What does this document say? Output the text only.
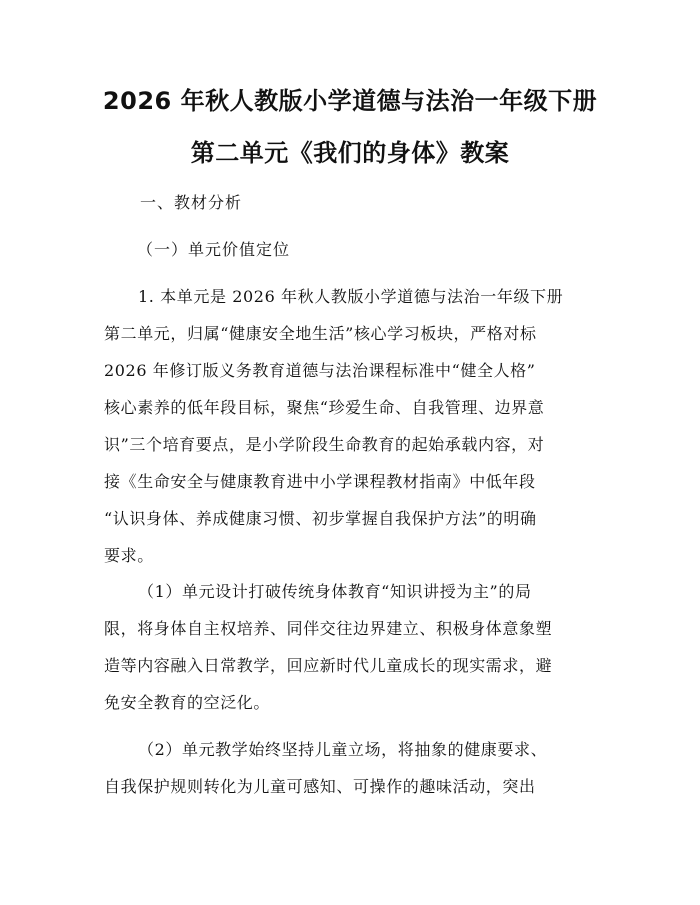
2026 年秋人教版小学道德与法治一年级下册
第二单元《我们的身体》教案
一、教材分析
（一）单元价值定位
1. 本单元是 2026 年秋人教版小学道德与法治一年级下册
第二单元，归属“健康安全地生活”核心学习板块，严格对标
2026 年修订版义务教育道德与法治课程标准中“健全人格”
核心素养的低年段目标，聚焦“珍爱生命、自我管理、边界意
识”三个培育要点，是小学阶段生命教育的起始承载内容，对
接《生命安全与健康教育进中小学课程教材指南》中低年段
“认识身体、养成健康习惯、初步掌握自我保护方法”的明确
要求。
（1）单元设计打破传统身体教育“知识讲授为主”的局
限，将身体自主权培养、同伴交往边界建立、积极身体意象塑
造等内容融入日常教学，回应新时代儿童成长的现实需求，避
免安全教育的空泛化。
（2）单元教学始终坚持儿童立场，将抽象的健康要求、
自我保护规则转化为儿童可感知、可操作的趣味活动，突出
